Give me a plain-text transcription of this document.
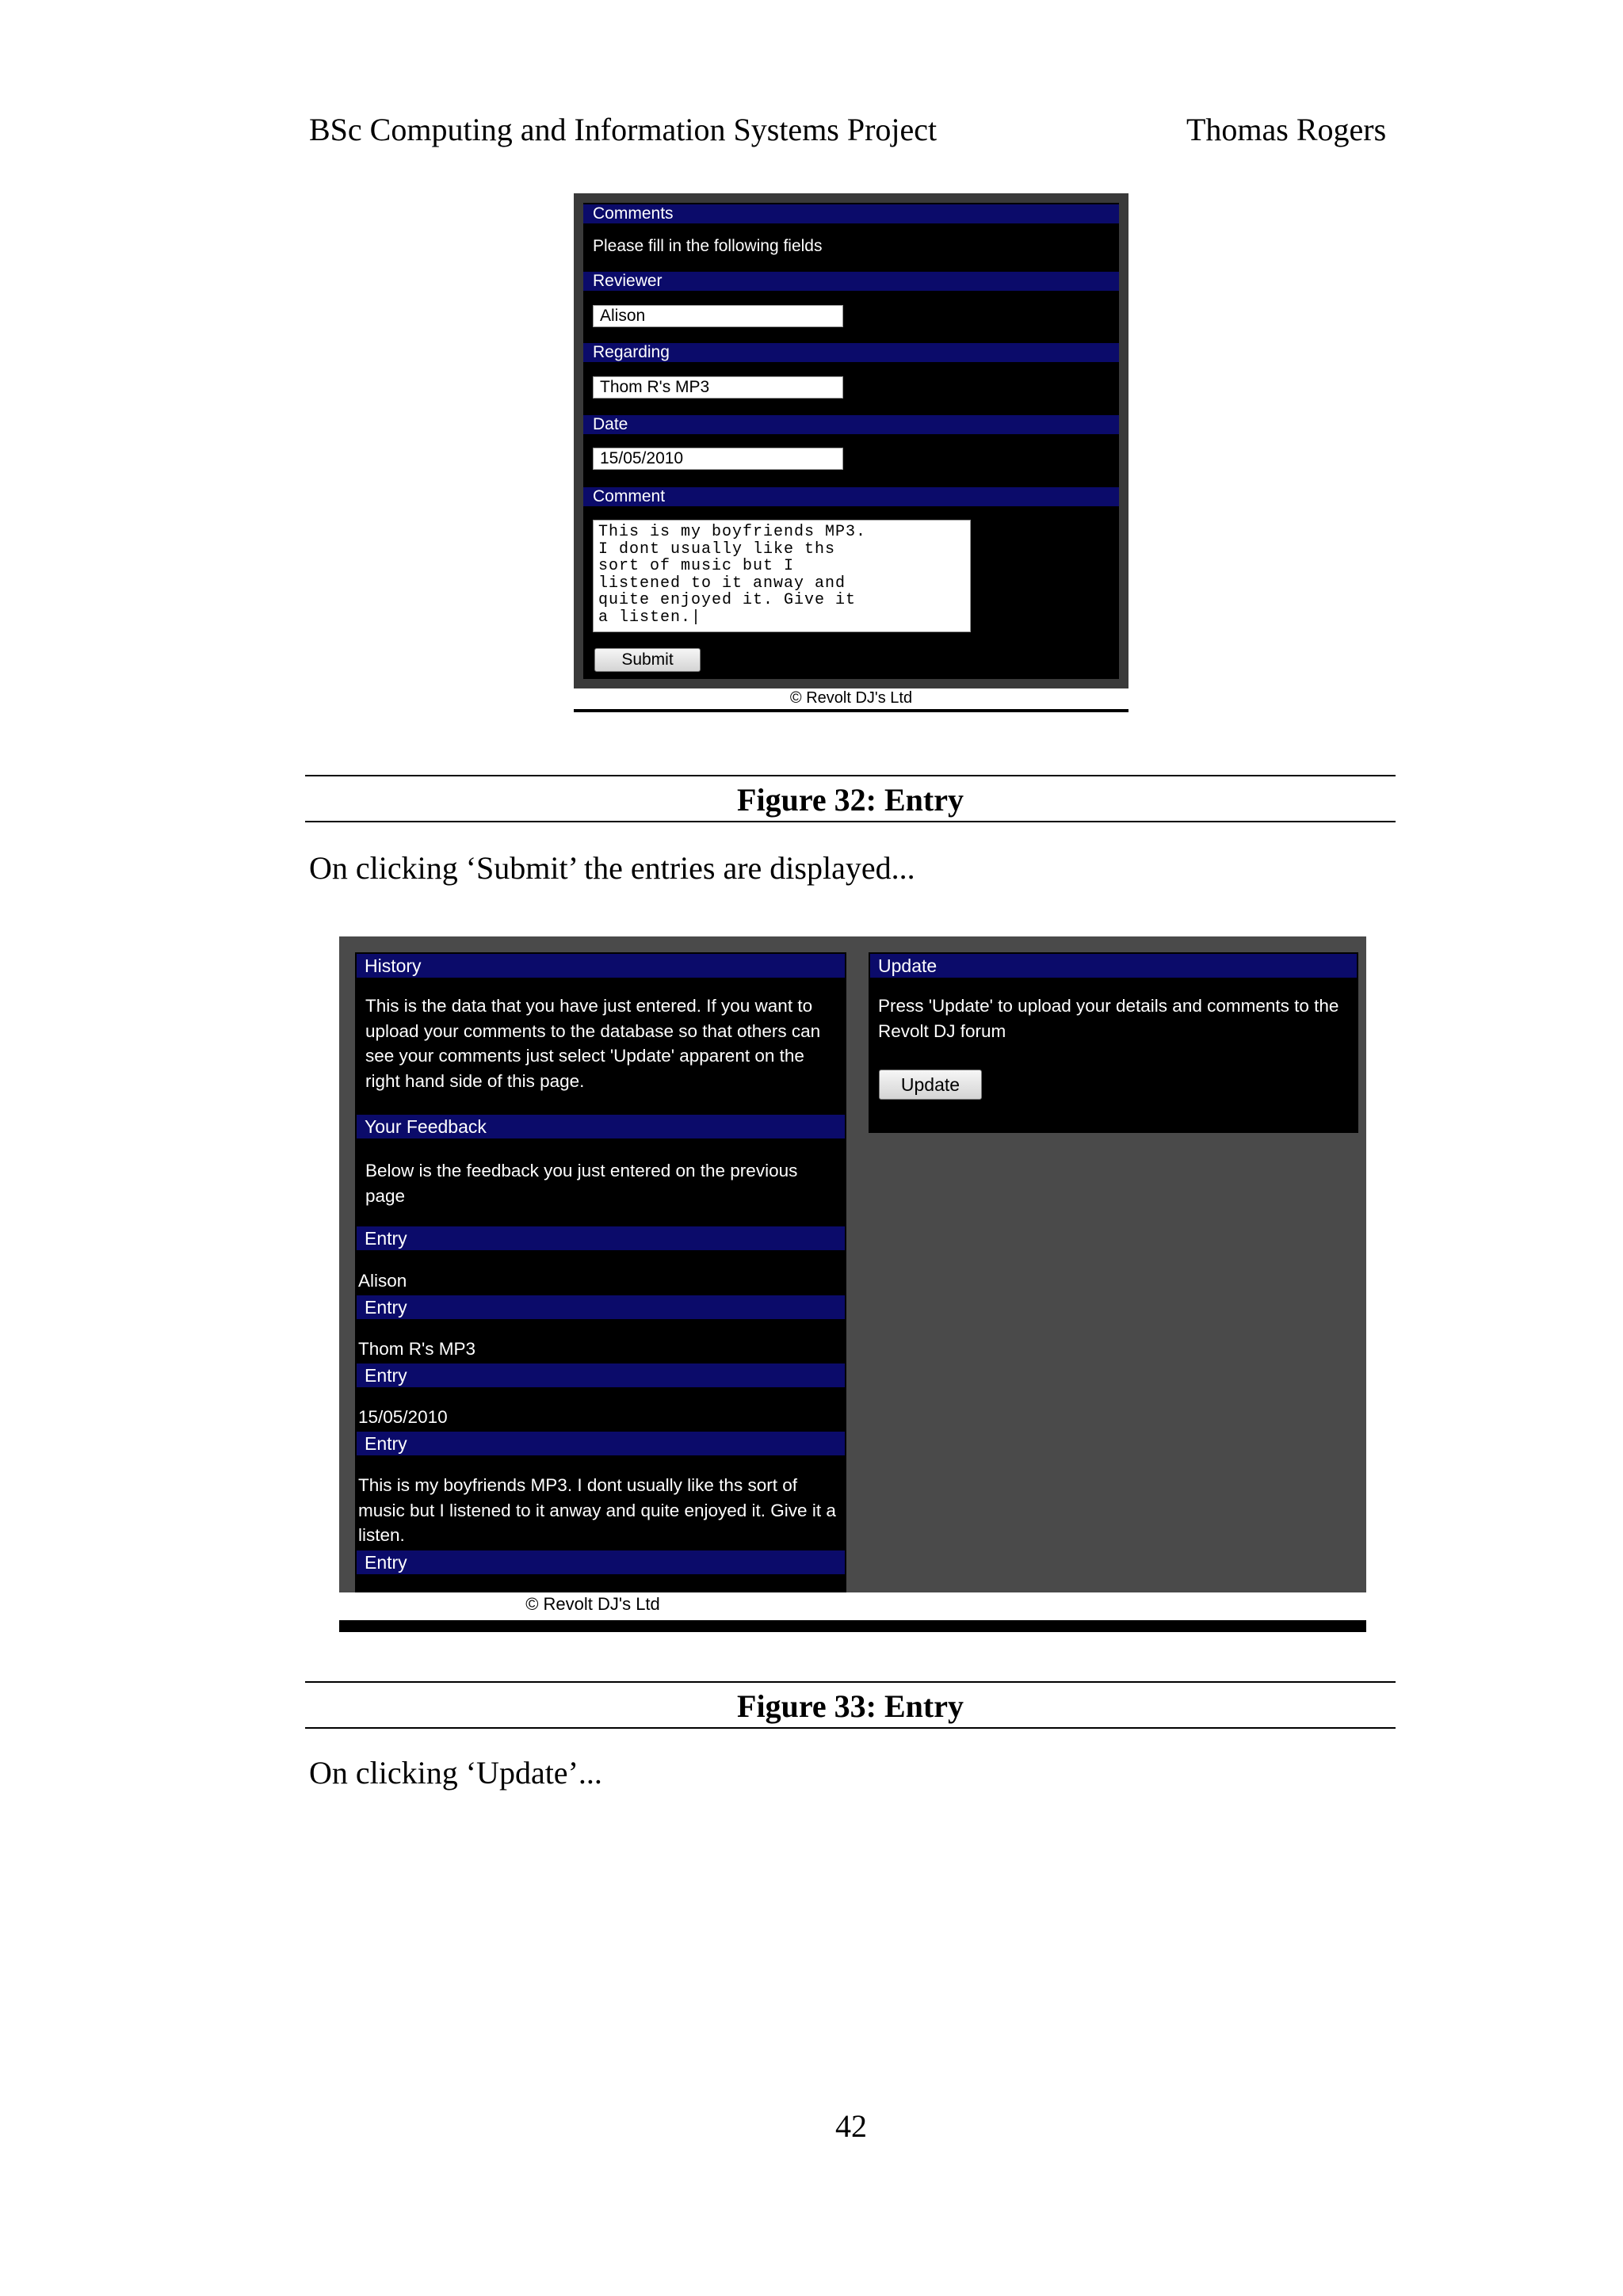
BSc Computing and Information Systems Project	Thomas Rogers
Comments
Please fill in the following fields
Reviewer
Alison
Regarding
Thom R's MP3
Date
15/05/2010
Comment
This is my boyfriends MP3.
I dont usually like ths
sort of music but I
listened to it anway and
quite enjoyed it. Give it
a listen.|
Submit
© Revolt DJ's Ltd
Figure 32: Entry
On clicking ‘Submit’ the entries are displayed...
History
This is the data that you have just entered. If you want to upload your comments to the database so that others can see your comments just select 'Update' apparent on the right hand side of this page.
Your Feedback
Below is the feedback you just entered on the previous page
Entry
Alison
Entry
Thom R's MP3
Entry
15/05/2010
Entry
This is my boyfriends MP3. I dont usually like ths sort of music but I listened to it anway and quite enjoyed it. Give it a listen.
Entry
Update
Press 'Update' to upload your details and comments to the Revolt DJ forum
Update
© Revolt DJ's Ltd
Figure 33: Entry
On clicking ‘Update’...
42
